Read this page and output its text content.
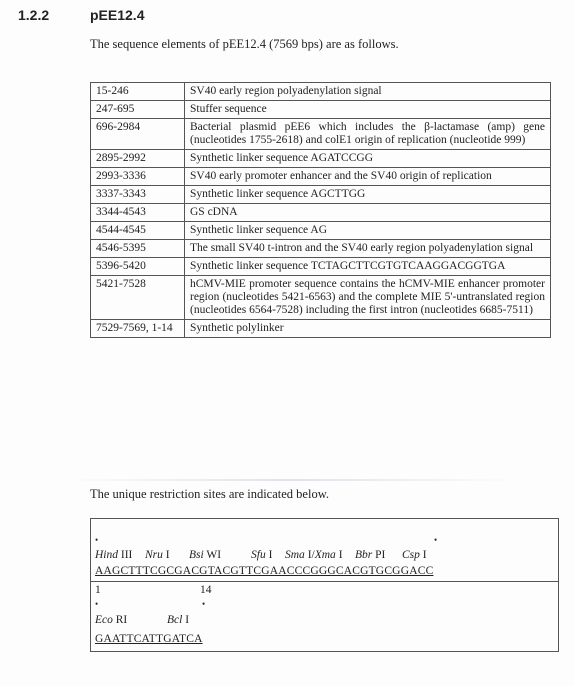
1.2.2	pEE12.4
The sequence elements of pEE12.4 (7569 bps) are as follows.
15-246	SV40 early region polyadenylation signal
247-695	Stuffer sequence
696-2984	Bacterial plasmid pEE6 which includes the β-lactamase (amp) gene (nucleotides 1755-2618) and colE1 origin of replication (nucleotide 999)
2895-2992	Synthetic linker sequence AGATCCGG
2993-3336	SV40 early promoter enhancer and the SV40 origin of replication
3337-3343	Synthetic linker sequence AGCTTGG
3344-4543	GS cDNA
4544-4545	Synthetic linker sequence AG
4546-5395	The small SV40 t-intron and the SV40 early region polyadenylation signal
5396-5420	Synthetic linker sequence TCTAGCTTCGTGTCAAGGACGGTGA
5421-7528	hCMV-MIE promoter sequence contains the hCMV-MIE enhancer promoter region (nucleotides 5421-6563) and the complete MIE 5'-untranslated region (nucleotides 6564-7528) including the first intron (nucleotides 6685-7511)
7529-7569, 1-14	Synthetic polylinker
The unique restriction sites are indicated below.
•	•
Hind III Nru I Bsi WI	Sfu I Sma I/Xma I Bbr PI Csp I
AAGCTTTCGCGACGTACGTTCGAACCCGGGCACGTGCGGACC
1	14
•	•
Eco RI	Bcl I
GAATTCATTGATCA
